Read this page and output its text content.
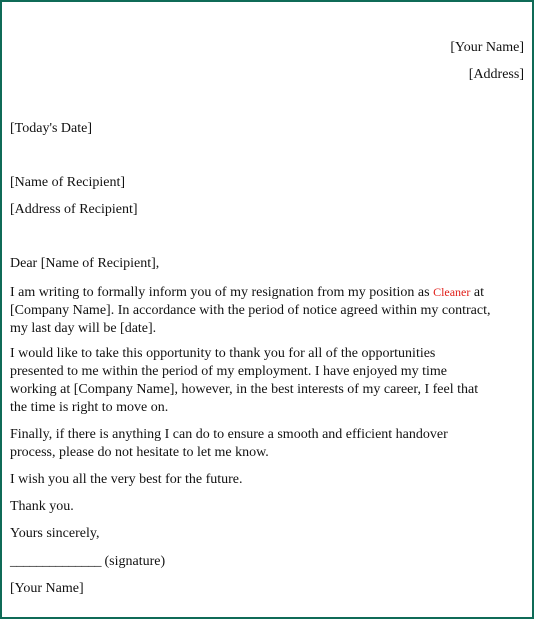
[Your Name]
[Address]
[Today's Date]
[Name of Recipient]
[Address of Recipient]
Dear [Name of Recipient],
I am writing to formally inform you of my resignation from my position as Cleaner at
[Company Name]. In accordance with the period of notice agreed within my contract,
my last day will be [date].
I would like to take this opportunity to thank you for all of the opportunities
presented to me within the period of my employment. I have enjoyed my time
working at [Company Name], however, in the best interests of my career, I feel that
the time is right to move on.
Finally, if there is anything I can do to ensure a smooth and efficient handover
process, please do not hesitate to let me know.
I wish you all the very best for the future.
Thank you.
Yours sincerely,
______________ (signature)
[Your Name]
